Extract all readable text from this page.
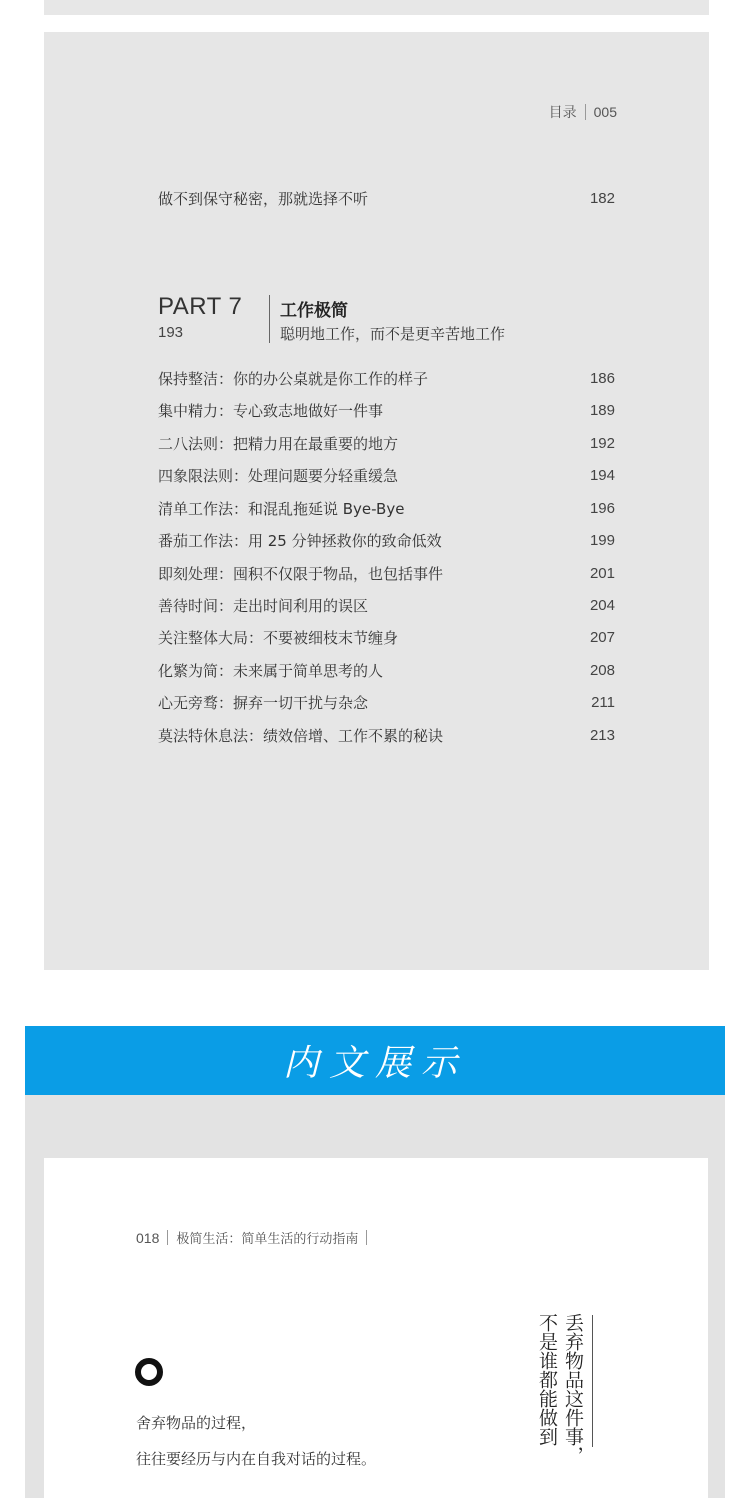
目录 005
做不到保守秘密，那就选择不听	182
PART 7
193
工作极简
聪明地工作，而不是更辛苦地工作
保持整洁：你的办公桌就是你工作的样子	186
集中精力：专心致志地做好一件事	189
二八法则：把精力用在最重要的地方	192
四象限法则：处理问题要分轻重缓急	194
清单工作法：和混乱拖延说 Bye-Bye	196
番茄工作法：用 25 分钟拯救你的致命低效	199
即刻处理：囤积不仅限于物品，也包括事件	201
善待时间：走出时间利用的误区	204
关注整体大局：不要被细枝末节缠身	207
化繁为简：未来属于简单思考的人	208
心无旁骛：摒弃一切干扰与杂念	211
莫法特休息法：绩效倍增、工作不累的秘诀	213
内文展示
018 极简生活：简单生活的行动指南
不是谁都能做到 丢弃物品这件事，
舍弃物品的过程，
往往要经历与内在自我对话的过程。
